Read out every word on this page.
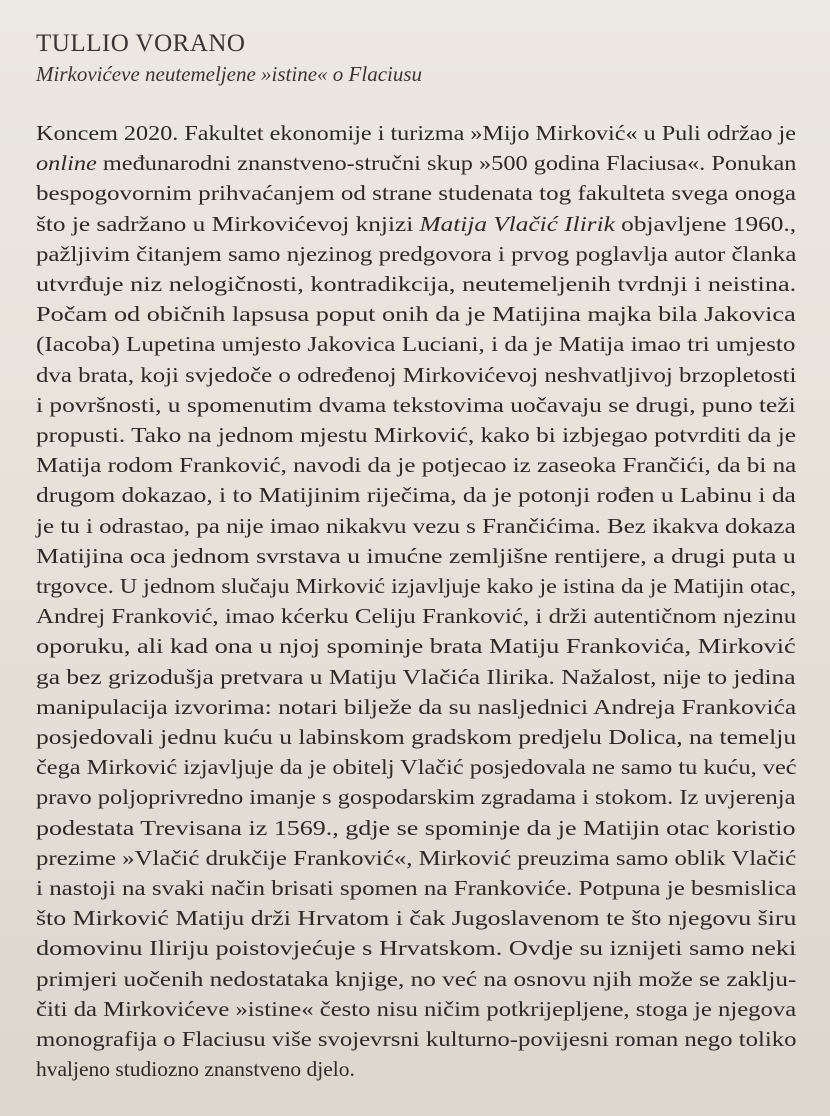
TULLIO VORANO
Mirkovićeve neutemeljene »istine« o Flaciusu
Koncem 2020. Fakultet ekonomije i turizma »Mijo Mirković« u Puli održao je
online međunarodni znanstveno-stručni skup »500 godina Flaciusa«. Ponukan
bespogovornim prihvaćanjem od strane studenata tog fakulteta svega onoga
što je sadržano u Mirkovićevoj knjizi Matija Vlačić Ilirik objavljene 1960.,
pažljivim čitanjem samo njezinog predgovora i prvog poglavlja autor članka
utvrđuje niz nelogičnosti, kontradikcija, neutemeljenih tvrdnji i neistina.
Počam od običnih lapsusa poput onih da je Matijina majka bila Jakovica
(Iacoba) Lupetina umjesto Jakovica Luciani, i da je Matija imao tri umjesto
dva brata, koji svjedoče o određenoj Mirkovićevoj neshvatljivoj brzopletosti
i površnosti, u spomenutim dvama tekstovima uočavaju se drugi, puno teži
propusti. Tako na jednom mjestu Mirković, kako bi izbjegao potvrditi da je
Matija rodom Franković, navodi da je potjecao iz zaseoka Frančići, da bi na
drugom dokazao, i to Matijinim riječima, da je potonji rođen u Labinu i da
je tu i odrastao, pa nije imao nikakvu vezu s Frančićima. Bez ikakva dokaza
Matijina oca jednom svrstava u imućne zemljišne rentijere, a drugi puta u
trgovce. U jednom slučaju Mirković izjavljuje kako je istina da je Matijin otac,
Andrej Franković, imao kćerku Celiju Franković, i drži autentičnom njezinu
oporuku, ali kad ona u njoj spominje brata Matiju Frankovića, Mirković
ga bez grizodušja pretvara u Matiju Vlačića Ilirika. Nažalost, nije to jedina
manipulacija izvorima: notari bilježe da su nasljednici Andreja Frankovića
posjedovali jednu kuću u labinskom gradskom predjelu Dolica, na temelju
čega Mirković izjavljuje da je obitelj Vlačić posjedovala ne samo tu kuću, već
pravo poljoprivredno imanje s gospodarskim zgradama i stokom. Iz uvjerenja
podestata Trevisana iz 1569., gdje se spominje da je Matijin otac koristio
prezime »Vlačić drukčije Franković«, Mirković preuzima samo oblik Vlačić
i nastoji na svaki način brisati spomen na Frankoviće. Potpuna je besmislica
što Mirković Matiju drži Hrvatom i čak Jugoslavenom te što njegovu širu
domovinu Iliriju poistovjećuje s Hrvatskom. Ovdje su iznijeti samo neki
primjeri uočenih nedostataka knjige, no već na osnovu njih može se zaklju-
čiti da Mirkovićeve »istine« često nisu ničim potkrijepljene, stoga je njegova
monografija o Flaciusu više svojevrsni kulturno-povijesni roman nego toliko
hvaljeno studiozno znanstveno djelo.
